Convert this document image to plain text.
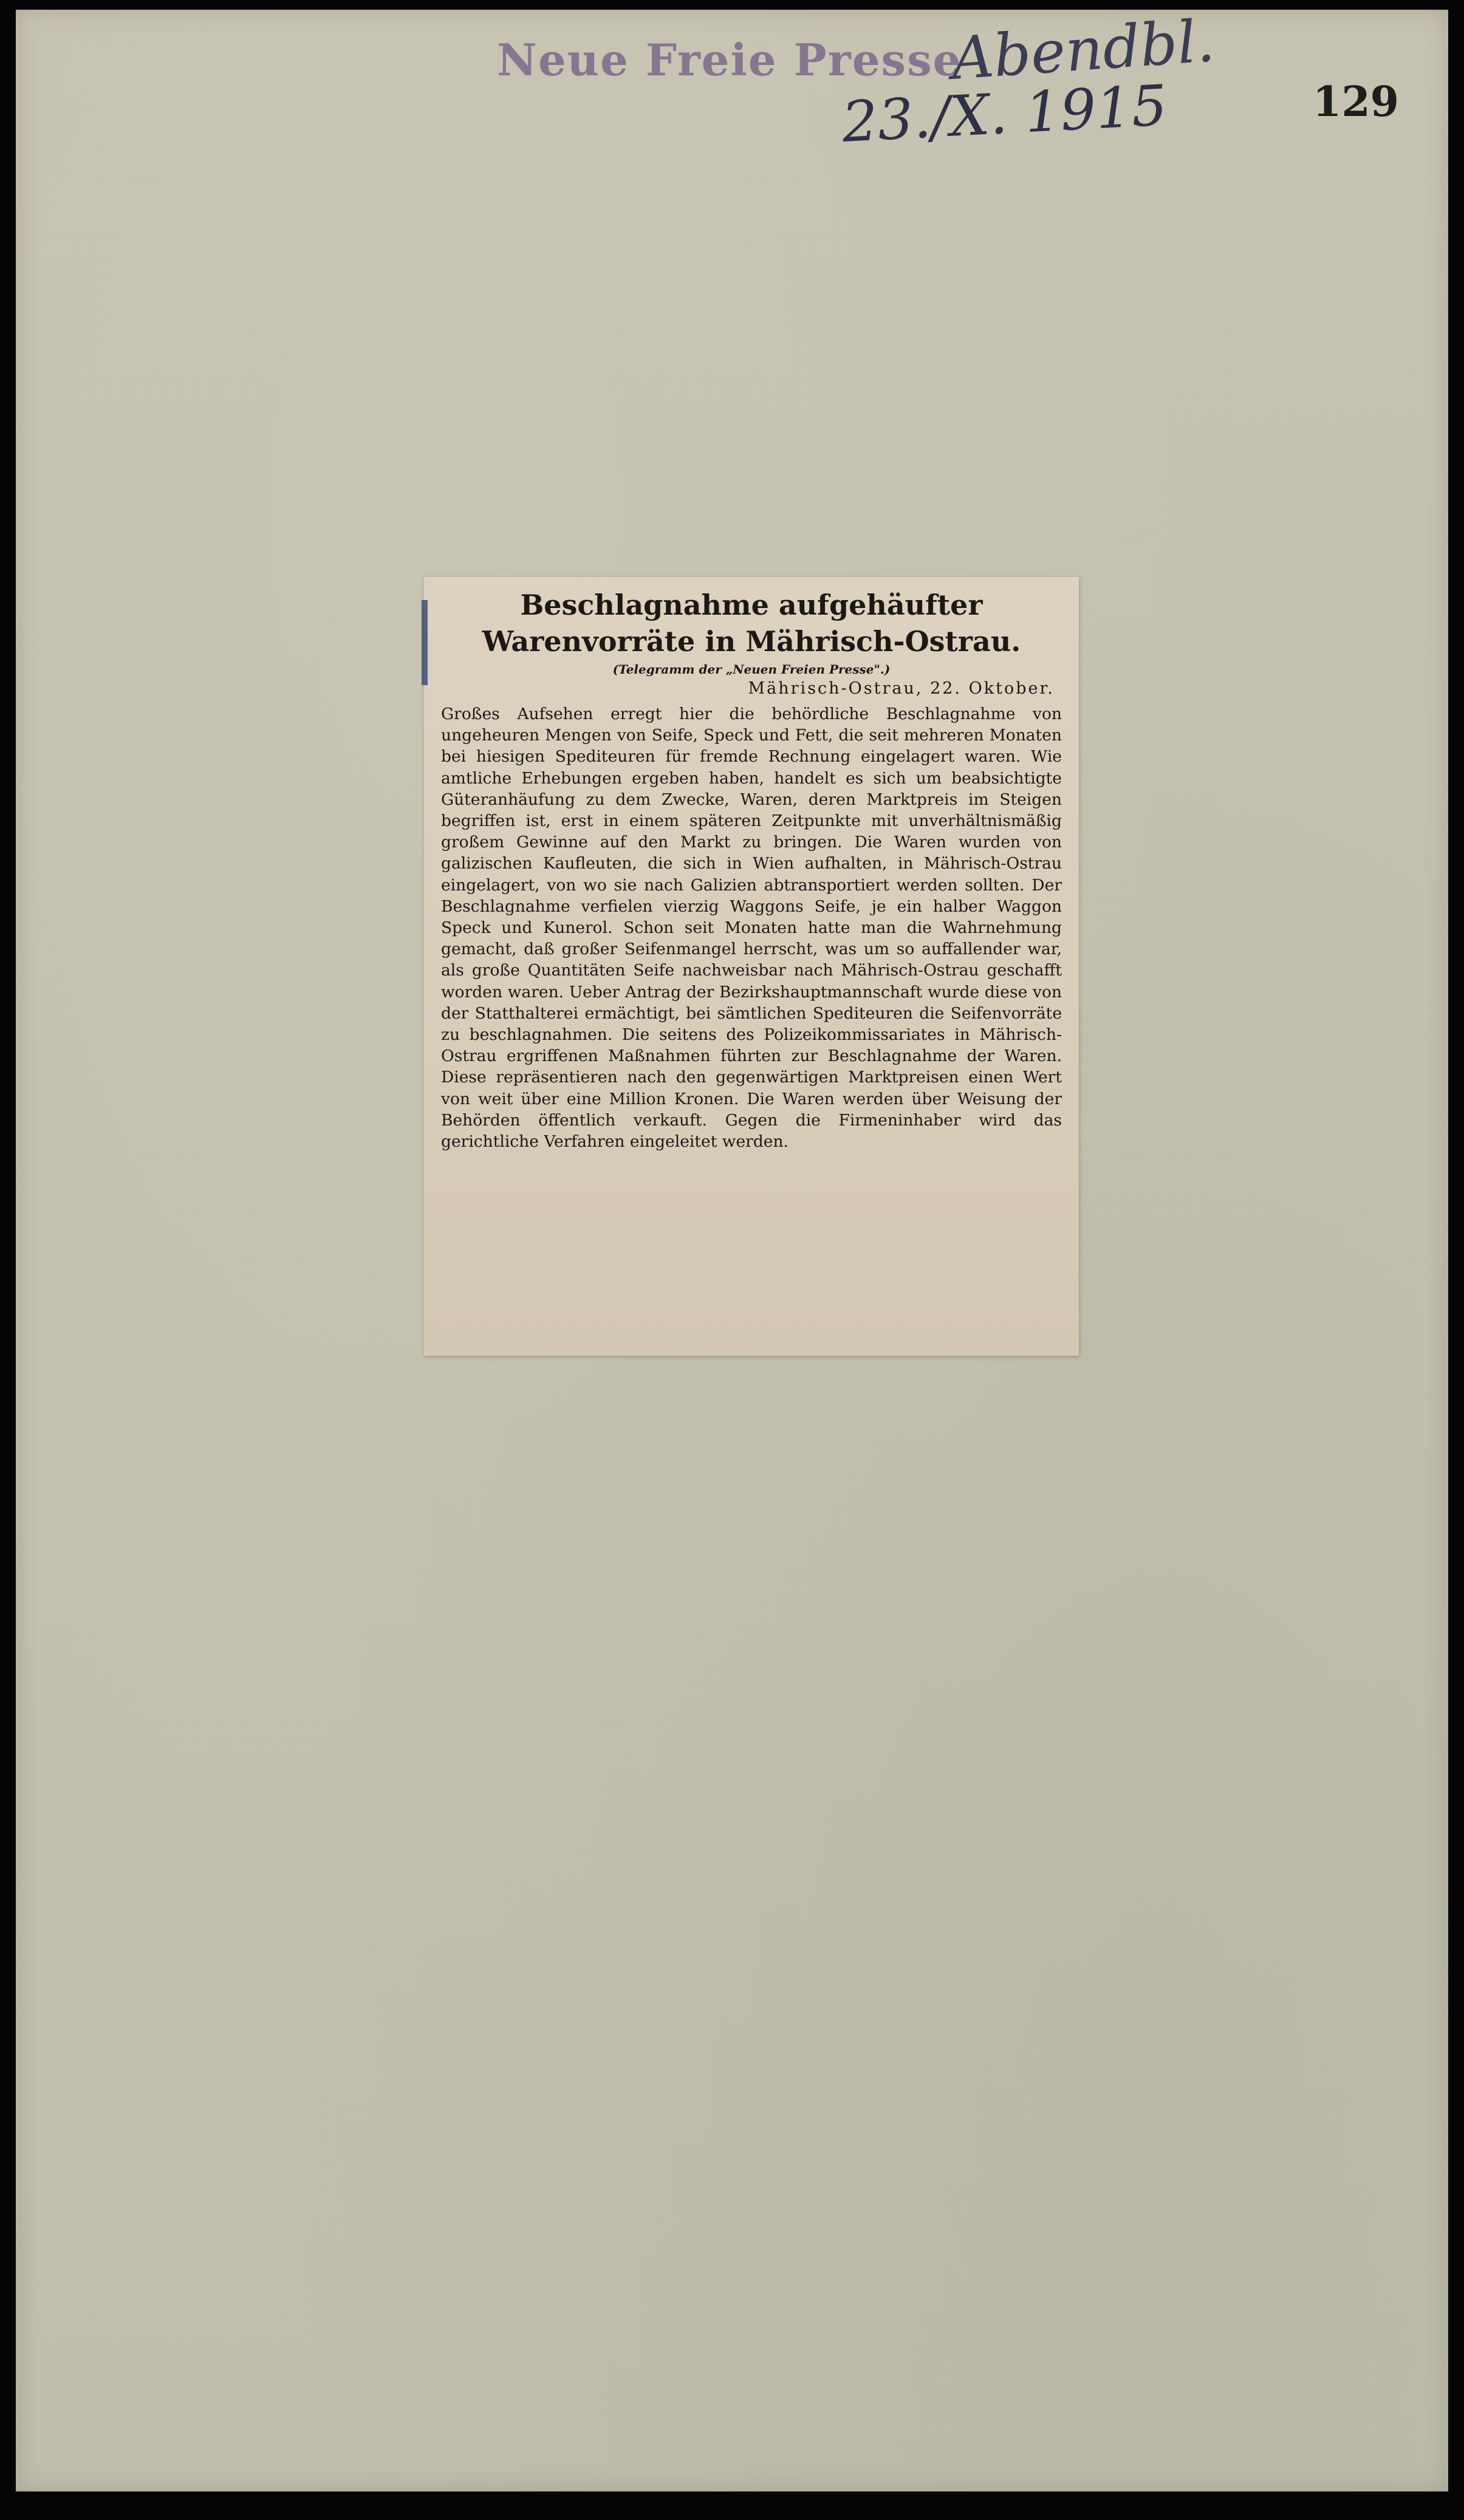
Neue Freie Presse
Abendbl.
23./X. 1915	129
Beschlagnahme aufgehäufter Warenvorräte in Mährisch-Ostrau.
(Telegramm der „Neuen Freien Presse".)
Mährisch-Ostrau, 22. Oktober.

Großes Aufsehen erregt hier die behördliche Beschlagnahme von ungeheuren Mengen von Seife, Speck und Fett, die seit mehreren Monaten bei hiesigen Spediteuren für fremde Rechnung eingelagert waren. Wie amtliche Erhebungen ergeben haben, handelt es sich um beabsichtigte Güteranhäufung zu dem Zwecke, Waren, deren Marktpreis im Steigen begriffen ist, erst in einem späteren Zeitpunkte mit unverhältnismäßig großem Gewinne auf den Markt zu bringen. Die Waren wurden von galizischen Kaufleuten, die sich in Wien aufhalten, in Mährisch-Ostrau eingelagert, von wo sie nach Galizien abtransportiert werden sollten. Der Beschlagnahme verfielen vierzig Waggons Seife, je ein halber Waggon Speck und Kunerol. Schon seit Monaten hatte man die Wahrnehmung gemacht, daß großer Seifenmangel herrscht, was um so auffallender war, als große Quantitäten Seife nachweisbar nach Mährisch-Ostrau geschafft worden waren. Ueber Antrag der Bezirkshauptmannschaft wurde diese von der Statthalterei ermächtigt, bei sämtlichen Spediteuren die Seifenvorräte zu beschlagnahmen. Die seitens des Polizeikommissariates in Mährisch-Ostrau ergriffenen Maßnahmen führten zur Beschlagnahme der Waren. Diese repräsentieren nach den gegenwärtigen Marktpreisen einen Wert von weit über eine Million Kronen. Die Waren werden über Weisung der Behörden öffentlich verkauft. Gegen die Firmeninhaber wird das gerichtliche Verfahren eingeleitet werden.
